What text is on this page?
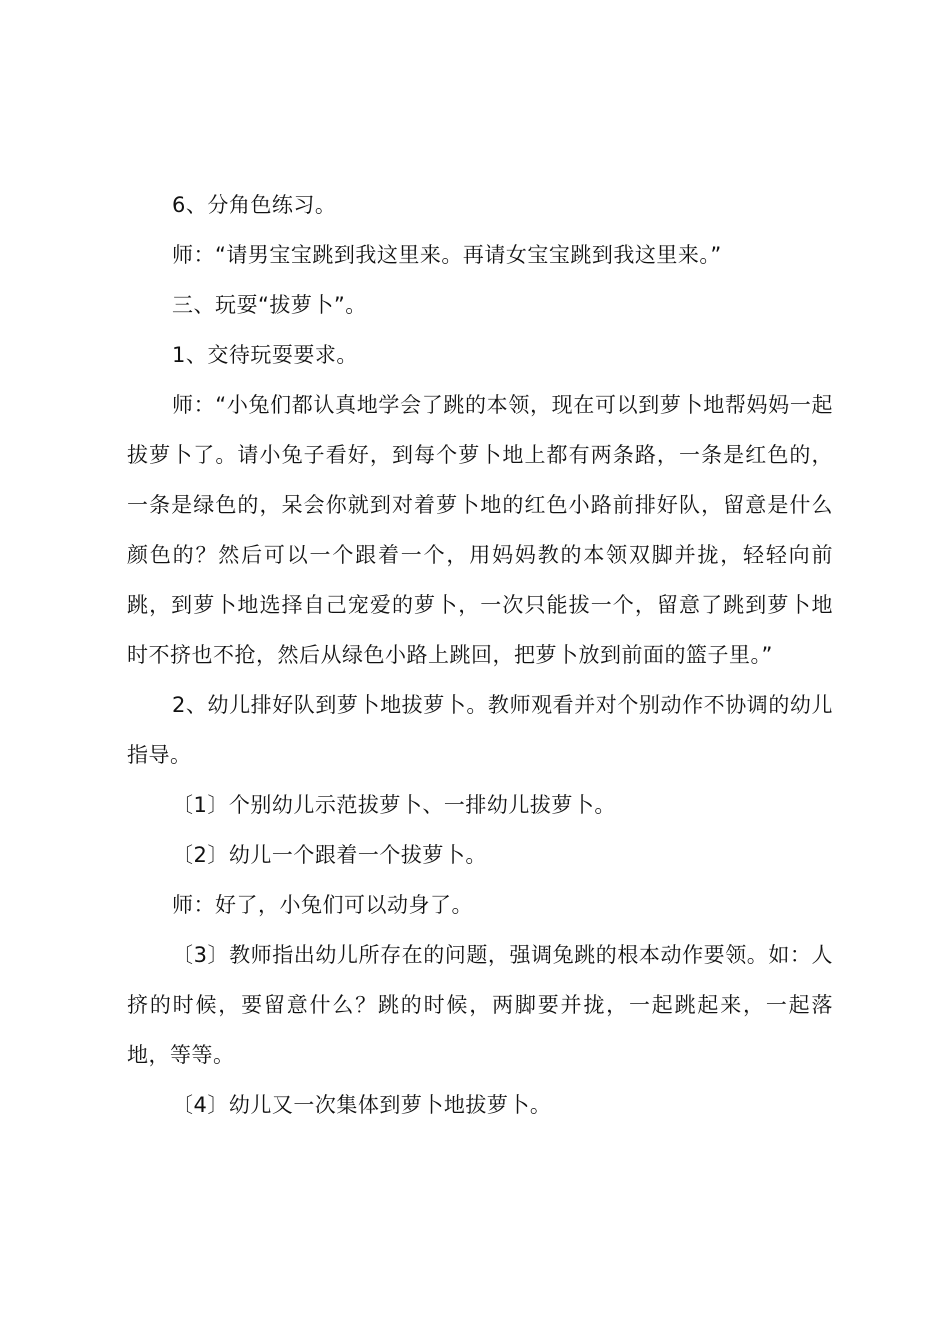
6、分角色练习。

师：“请男宝宝跳到我这里来。再请女宝宝跳到我这里来。”

三、玩耍“拔萝卜”。

1、交待玩耍要求。

师：“小兔们都认真地学会了跳的本领，现在可以到萝卜地帮妈妈一起拔萝卜了。请小兔子看好，到每个萝卜地上都有两条路，一条是红色的，一条是绿色的，呆会你就到对着萝卜地的红色小路前排好队，留意是什么颜色的？然后可以一个跟着一个，用妈妈教的本领双脚并拢，轻轻向前跳，到萝卜地选择自己宠爱的萝卜，一次只能拔一个，留意了跳到萝卜地时不挤也不抢，然后从绿色小路上跳回，把萝卜放到前面的篮子里。”

2、幼儿排好队到萝卜地拔萝卜。教师观看并对个别动作不协调的幼儿指导。

〔1〕个别幼儿示范拔萝卜、一排幼儿拔萝卜。

〔2〕幼儿一个跟着一个拔萝卜。

师：好了，小兔们可以动身了。

〔3〕教师指出幼儿所存在的问题，强调兔跳的根本动作要领。如：人挤的时候，要留意什么？跳的时候，两脚要并拢，一起跳起来，一起落地，等等。

〔4〕幼儿又一次集体到萝卜地拔萝卜。
